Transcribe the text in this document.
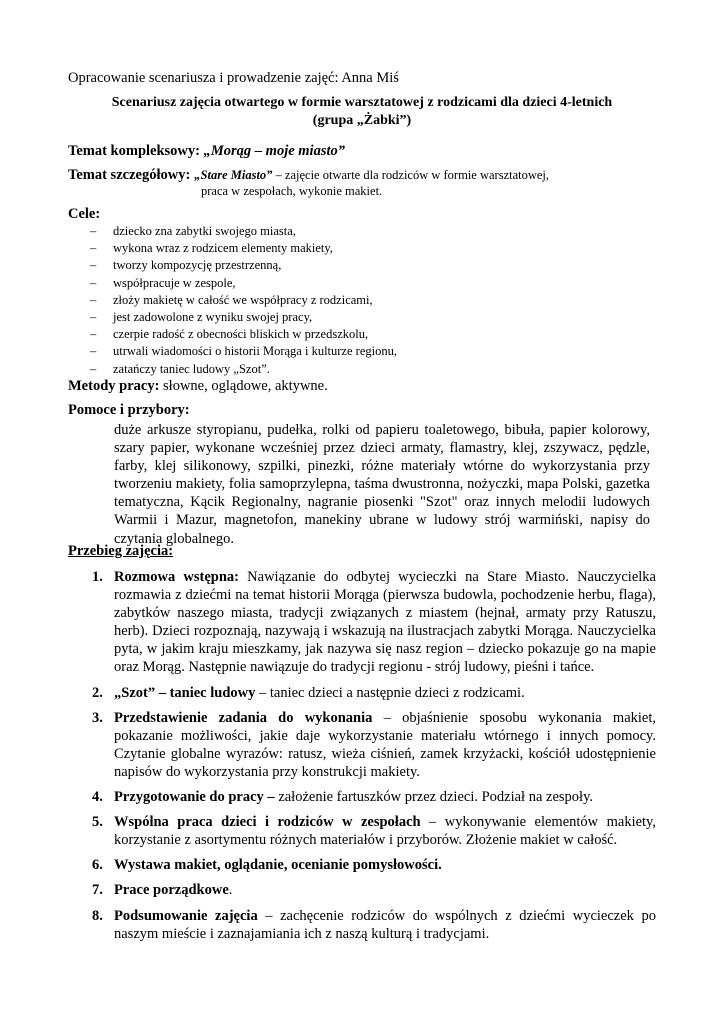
Opracowanie scenariusza i prowadzenie zajęć: Anna Miś

Scenariusz zajęcia otwartego w formie warsztatowej z rodzicami dla dzieci 4-letnich
(grupa „Żabki”)

Temat kompleksowy: „Morąg – moje miasto”

Temat szczegółowy: „Stare Miasto” – zajęcie otwarte dla rodziców w formie warsztatowej,

praca w zespołach, wykonie makiet.

Cele:

– dziecko zna zabytki swojego miasta,
– wykona wraz z rodzicem elementy makiety,
– tworzy kompozycję przestrzenną,
– współpracuje w zespole,
– złoży makietę w całość we współpracy z rodzicami,
– jest zadowolone z wyniku swojej pracy,
– czerpie radość z obecności bliskich w przedszkolu,
– utrwali wiadomości o historii Morąga i kulturze regionu,
– zatańczy taniec ludowy „Szot”.

Metody pracy: słowne, oglądowe, aktywne.

Pomoce i przybory:

duże arkusze styropianu, pudełka, rolki od papieru toaletowego, bibuła, papier kolorowy, szary papier, wykonane wcześniej przez dzieci armaty, flamastry, klej, zszywacz, pędzle, farby, klej silikonowy, szpilki, pinezki, różne materiały wtórne do wykorzystania przy tworzeniu makiety, folia samoprzylepna, taśma dwustronna, nożyczki, mapa Polski, gazetka tematyczna, Kącik Regionalny, nagranie piosenki "Szot" oraz innych melodii ludowych Warmii i Mazur, magnetofon, manekiny ubrane w ludowy strój warmiński, napisy do czytania globalnego.

Przebieg zajęcia:

1. Rozmowa wstępna: Nawiązanie do odbytej wycieczki na Stare Miasto. Nauczycielka rozmawia z dziećmi na temat historii Morąga (pierwsza budowla, pochodzenie herbu, flaga), zabytków naszego miasta, tradycji związanych z miastem (hejnał, armaty przy Ratuszu, herb). Dzieci rozpoznają, nazywają i wskazują na ilustracjach zabytki Morąga. Nauczycielka pyta, w jakim kraju mieszkamy, jak nazywa się nasz region – dziecko pokazuje go na mapie oraz Morąg. Następnie nawiązuje do tradycji regionu - strój ludowy, pieśni i tańce.
2. „Szot” – taniec ludowy – taniec dzieci a następnie dzieci z rodzicami.
3. Przedstawienie zadania do wykonania – objaśnienie sposobu wykonania makiet, pokazanie możliwości, jakie daje wykorzystanie materiału wtórnego i innych pomocy. Czytanie globalne wyrazów: ratusz, wieża ciśnień, zamek krzyżacki, kościół udostępnienie napisów do wykorzystania przy konstrukcji makiety.
4. Przygotowanie do pracy – założenie fartuszków przez dzieci. Podział na zespoły.
5. Wspólna praca dzieci i rodziców w zespołach – wykonywanie elementów makiety, korzystanie z asortymentu różnych materiałów i przyborów. Złożenie makiet w całość.
6. Wystawa makiet, oglądanie, ocenianie pomysłowości.
7. Prace porządkowe.
8. Podsumowanie zajęcia – zachęcenie rodziców do wspólnych z dziećmi wycieczek po naszym mieście i zaznajamiania ich z naszą kulturą i tradycjami.
